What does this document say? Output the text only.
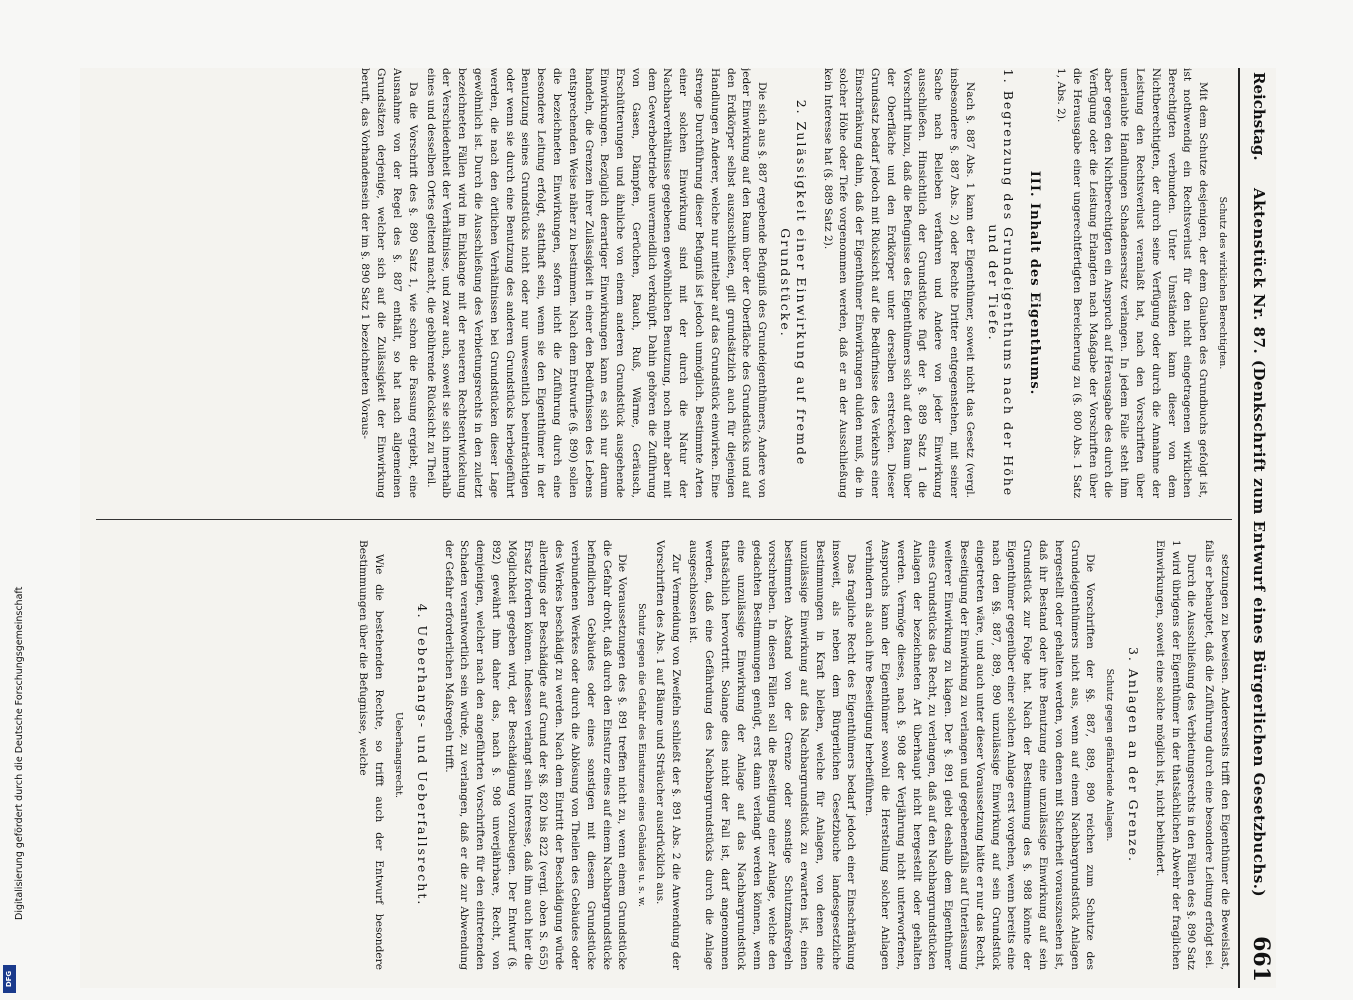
Reichstag.
Aktenstück Nr. 87. (Denkschrift zum Entwurf eines Bürgerlichen Gesetzbuchs.)
661

Schutz des wirklichen Berechtigten.

Mit dem Schutze desjenigen, der dem Glauben des Grundbuchs gefolgt ist, ist nothwendig ein Rechtsverlust für den nicht eingetragenen wirklichen Berechtigten verbunden. Unter Umständen kann dieser von dem Nichtberechtigten, der durch seine Verfügung oder durch die Annahme der Leistung den Rechtsverlust veranlaßt hat, nach den Vorschriften über unerlaubte Handlungen Schadensersatz verlangen. In jedem Falle steht ihm aber gegen den Nichtberechtigten ein Anspruch auf Herausgabe des durch die Verfügung oder die Leistung Erlangten nach Maßgabe der Vorschriften über die Herausgabe einer ungerechtfertigten Bereicherung zu (§. 800 Abs. 1 Satz 1, Abs. 2).

III. Inhalt des Eigenthums.

1. Begrenzung des Grundeigenthums nach der Höhe und der Tiefe.

Nach §. 887 Abs. 1 kann der Eigenthümer, soweit nicht das Gesetz (vergl. insbesondere §. 887 Abs. 2) oder Rechte Dritter entgegenstehen, mit seiner Sache nach Belieben verfahren und Andere von jeder Einwirkung ausschließen. Hinsichtlich der Grundstücke fügt der §. 889 Satz 1 die Vorschrift hinzu, daß die Befugnisse des Eigenthümers sich auf den Raum über der Oberfläche und den Erdkörper unter derselben erstrecken. Dieser Grundsatz bedarf jedoch mit Rücksicht auf die Bedürfnisse des Verkehrs einer Einschränkung dahin, daß der Eigenthümer Einwirkungen dulden muß, die in solcher Höhe oder Tiefe vorgenommen werden, daß er an der Ausschließung kein Interesse hat (§. 889 Satz 2).

2. Zulässigkeit einer Einwirkung auf fremde Grundstücke.

Die sich aus §. 887 ergebende Befugniß des Grundeigenthümers, Andere von jeder Einwirkung auf den Raum über der Oberfläche des Grundstücks und auf den Erdkörper selbst auszuschließen, gilt grundsätzlich auch für diejenigen Handlungen Anderer, welche nur mittelbar auf das Grundstück einwirken. Eine strenge Durchführung dieser Befugniß ist jedoch unmöglich. Bestimmte Arten einer solchen Einwirkung sind mit der durch die Natur der Nachbarverhältnisse gegebenen gewöhnlichen Benutzung, noch mehr aber mit dem Gewerbebetriebe unvermeidlich verknüpft. Dahin gehören die Zuführung von Gasen, Dämpfen, Gerüchen, Rauch, Ruß, Wärme, Geräusch, Erschütterungen und ähnliche von einem anderen Grundstück ausgehende Einwirkungen. Bezüglich derartiger Einwirkungen kann es sich nur darum handeln, die Grenzen ihrer Zulässigkeit in einer den Bedürfnissen des Lebens entsprechenden Weise näher zu bestimmen. Nach dem Entwurfe (§. 890) sollen die bezeichneten Einwirkungen, sofern nicht die Zuführung durch eine besondere Leitung erfolgt, statthaft sein, wenn sie den Eigenthümer in der Benutzung seines Grundstücks nicht oder nur unwesentlich beeinträchtigen oder wenn sie durch eine Benutzung des anderen Grundstücks herbeigeführt werden, die nach den örtlichen Verhältnissen bei Grundstücken dieser Lage gewöhnlich ist. Durch die Ausschließung des Verbietungsrechts in den zuletzt bezeichneten Fällen wird im Einklange mit der neueren Rechtsentwickelung der Verschiedenheit der Verhältnisse, und zwar auch, soweit sie sich innerhalb eines und desselben Ortes geltend macht, die gebührende Rücksicht zu Theil.

Da die Vorschrift des §. 890 Satz 1, wie schon die Fassung ergiebt, eine Ausnahme von der Regel des §. 887 enthält, so hat nach allgemeinen Grundsätzen derjenige, welcher sich auf die Zulässigkeit der Einwirkung beruft, das Vorhandensein der im §. 890 Satz 1 bezeichneten Voraus-

setzungen zu beweisen. Andererseits trifft den Eigenthümer die Beweislast, falls er behauptet, daß die Zuführung durch eine besondere Leitung erfolgt sei.

Durch die Ausschließung des Verbietungsrechts in den Fällen des §. 890 Satz 1 wird übrigens der Eigenthümer in der thatsächlichen Abwehr der fraglichen Einwirkungen, soweit eine solche möglich ist, nicht behindert.

3. Anlagen an der Grenze.

Schutz gegen gefährdende Anlagen.

Die Vorschriften der §§. 887, 889, 890 reichen zum Schutze des Grundeigenthümers nicht aus, wenn auf einem Nachbargrundstück Anlagen hergestellt oder gehalten werden, von denen mit Sicherheit vorauszusehen ist, daß ihr Bestand oder ihre Benutzung eine unzulässige Einwirkung auf sein Grundstück zur Folge hat. Nach der Bestimmung des §. 988 könnte der Eigenthümer gegenüber einer solchen Anlage erst vorgehen, wenn bereits eine nach den §§. 887, 889, 890 unzulässige Einwirkung auf sein Grundstück eingetreten wäre, und auch unter dieser Voraussetzung hätte er nur das Recht, Beseitigung der Einwirkung zu verlangen und gegebenenfalls auf Unterlassung weiterer Einwirkung zu klagen. Der §. 891 giebt deshalb dem Eigenthümer eines Grundstücks das Recht, zu verlangen, daß auf den Nachbargrundstücken Anlagen der bezeichneten Art überhaupt nicht hergestellt oder gehalten werden. Vermöge dieses, nach §. 908 der Verjährung nicht unterworfenen, Anspruchs kann der Eigenthümer sowohl die Herstellung solcher Anlagen verhindern als auch ihre Beseitigung herbeiführen.

Das fragliche Recht des Eigenthümers bedarf jedoch einer Einschränkung insoweit, als neben dem Bürgerlichen Gesetzbuche landesgesetzliche Bestimmungen in Kraft bleiben, welche für Anlagen, von denen eine unzulässige Einwirkung auf das Nachbargrundstück zu erwarten ist, einen bestimmten Abstand von der Grenze oder sonstige Schutzmaßregeln vorschreiben. In diesen Fällen soll die Beseitigung einer Anlage, welche den gedachten Bestimmungen genügt, erst dann verlangt werden können, wenn eine unzulässige Einwirkung der Anlage auf das Nachbargrundstück thatsächlich hervortritt. Solange dies nicht der Fall ist, darf angenommen werden, daß eine Gefährdung des Nachbargrundstücks durch die Anlage ausgeschlossen ist.

Zur Vermeidung von Zweifeln schließt der §. 891 Abs. 2 die Anwendung der Vorschriften des Abs. 1 auf Bäume und Sträucher ausdrücklich aus.

Schutz gegen die Gefahr des Einsturzes eines Gebäudes u. s. w.

Die Voraussetzungen des §. 891 treffen nicht zu, wenn einem Grundstücke die Gefahr droht, daß durch den Einsturz eines auf einem Nachbargrundstücke befindlichen Gebäudes oder eines sonstigen mit diesem Grundstücke verbundenen Werkes oder durch die Ablösung von Theilen des Gebäudes oder des Werkes beschädigt zu werden. Nach dem Eintritt der Beschädigung würde allerdings der Beschädigte auf Grund der §§. 820 bis 822 (vergl. oben S. 655) Ersatz fordern können. Indessen verlangt sein Interesse, daß ihm auch hier die Möglichkeit gegeben wird, der Beschädigung vorzubeugen. Der Entwurf (§. 892) gewährt ihm daher das, nach §. 908 unverjährbare, Recht, von demjenigen, welcher nach den angeführten Vorschriften für den eintretenden Schaden verantwortlich sein würde, zu verlangen, daß er die zur Abwendung der Gefahr erforderlichen Maßregeln trifft.

4. Ueberhangs- und Ueberfallsrecht.

Ueberhangsrecht.

Wie die bestehenden Rechte, so trifft auch der Entwurf besondere Bestimmungen über die Befugnisse, welche

Digitalisierung gefördert durch die Deutsche Forschungsgemeinschaft
DFG
